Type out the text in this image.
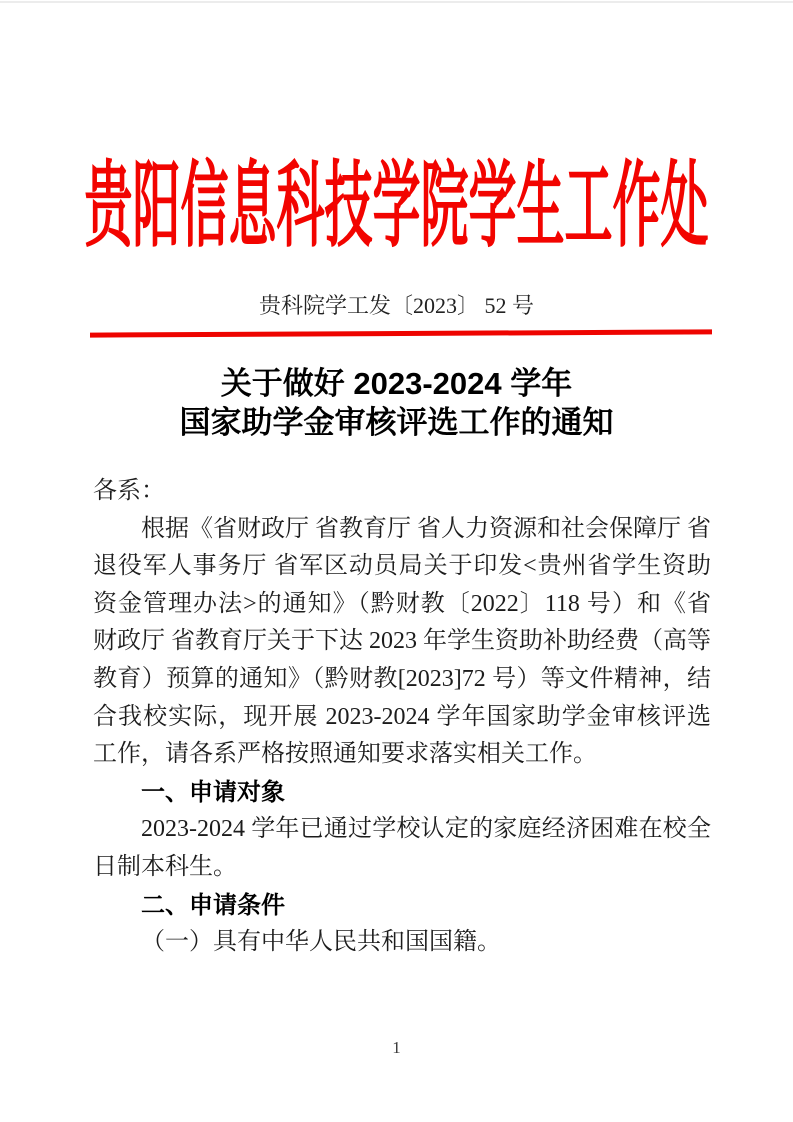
贵阳信息科技学院学生工作处
贵科院学工发〔2023〕 52 号
关于做好 2023-2024 学年
国家助学金审核评选工作的通知

各系：

根据《省财政厅 省教育厅 省人力资源和社会保障厅 省退役军人事务厅 省军区动员局关于印发<贵州省学生资助资金管理办法>的通知》（黔财教〔2022〕118 号）和《省财政厅 省教育厅关于下达 2023 年学生资助补助经费（高等教育）预算的通知》（黔财教[2023]72 号）等文件精神，结合我校实际，现开展 2023-2024 学年国家助学金审核评选工作，请各系严格按照通知要求落实相关工作。

一、申请对象

2023-2024 学年已通过学校认定的家庭经济困难在校全日制本科生。

二、申请条件

（一）具有中华人民共和国国籍。

1
